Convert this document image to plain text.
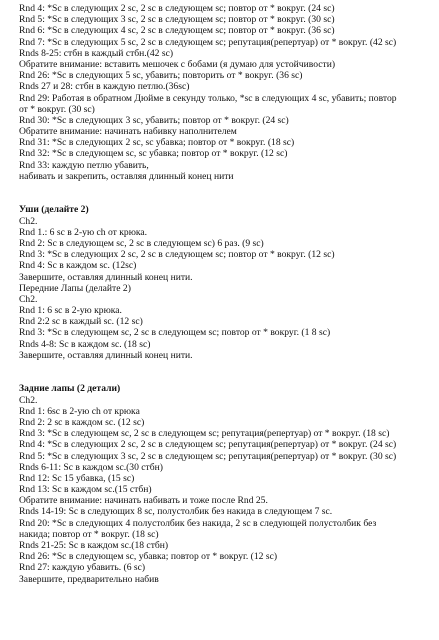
Rnd 4: *Sc в следующих 2 sc, 2 sc в следующем sc; повтор от * вокруг. (24 sc)
Rnd 5: *Sc в следующих 3 sc, 2 sc в следующем sc; повтор от * вокруг. (30 sc)
Rnd 6: *Sc в следующих 4 sc, 2 sc в следующем sc; повтор от * вокруг. (36 sc)
Rnd 7: *Sc в следующих 5 sc, 2 sc в следующем sc; репутация(репертуар) от * вокруг. (42 sc)
Rnds 8-25: стбн в каждый стбн.(42 sc)
Обратите внимание: вставить мешочек с бобами (я думаю для устойчивости)
Rnd 26: *Sc в следующих 5 sc, убавить; повторить от * вокруг. (36 sc)
Rnds 27 и 28: стбн в каждую петлю.(36sc)
Rnd 29: Работая в обратном Дюйме в секунду только, *sc в следующих 4 sc, убавить; повтор
от * вокруг. (30 sc)
Rnd 30: *Sc в следующих 3 sc, убавить; повтор от * вокруг. (24 sc)
Обратите внимание: начинать набивку наполнителем
Rnd 31: *Sc в следующих 2 sc, sc убавка; повтор от * вокруг. (18 sc)
Rnd 32: *Sc в следующем sc, sc убавка; повтор от * вокруг. (12 sc)
Rnd 33: каждую петлю убавить,
набивать и закрепить, оставляя длинный конец нити
Уши (делайте 2)
Ch2.
Rnd 1.: 6 sc в 2-ую ch от крюка.
Rnd 2: Sc в следующем sc, 2 sc в следующем sc) 6 раз. (9 sc)
Rnd 3: *Sc в следующих 2 sc, 2 sc в следующем sc; повтор от * вокруг. (12 sc)
Rnd 4: Sc в каждом sc. (12sc)
Завершите, оставляя длинный конец нити.
Передние Лапы (делайте 2)
Ch2.
Rnd 1: 6 sc в 2-ую крюка.
Rnd 2:2 sc в каждый sc. (12 sc)
Rnd 3: *Sc в следующем sc, 2 sc в следующем sc; повтор от * вокруг. (1 8 sc)
Rnds 4-8: Sc в каждом sc. (18 sc)
Завершите, оставляя длинный конец нити.
Задние лапы (2 детали)
Ch2.
Rnd 1: 6sc в 2-ую ch от крюка
Rnd 2: 2 sc в каждом sc. (12 sc)
Rnd 3: *Sc в следующем sc, 2 sc в следующем sc; репутация(репертуар) от * вокруг. (18 sc)
Rnd 4: *Sc в следующих 2 sc, 2 sc в следующем sc; репутация(репертуар) от * вокруг. (24 sc)
Rnd 5: *Sc в следующих 3 sc, 2 sc в следующем sc; репутация(репертуар) от * вокруг. (30 sc)
Rnds 6-11: Sc в каждом sc.(30 стбн)
Rnd 12: Sc 15 убавка, (15 sc)
Rnd 13: Sc в каждом sc.(15 стбн)
Обратите внимание: начинать набивать и тоже после Rnd 25.
Rnds 14-19: Sc в следующих 8 sc, полустолбик без накида в следующем 7 sc.
Rnd 20: *Sc в следующих 4 полустолбик без накида, 2 sc в следующей полустолбик без
накида; повтор от * вокруг. (18 sc)
Rnds 21-25: Sc в каждом sc.(18 стбн)
Rnd 26: *Sc в следующем sc, убавка; повтор от * вокруг. (12 sc)
Rnd 27: каждую убавить. (6 sc)
Завершите, предварительно набив
